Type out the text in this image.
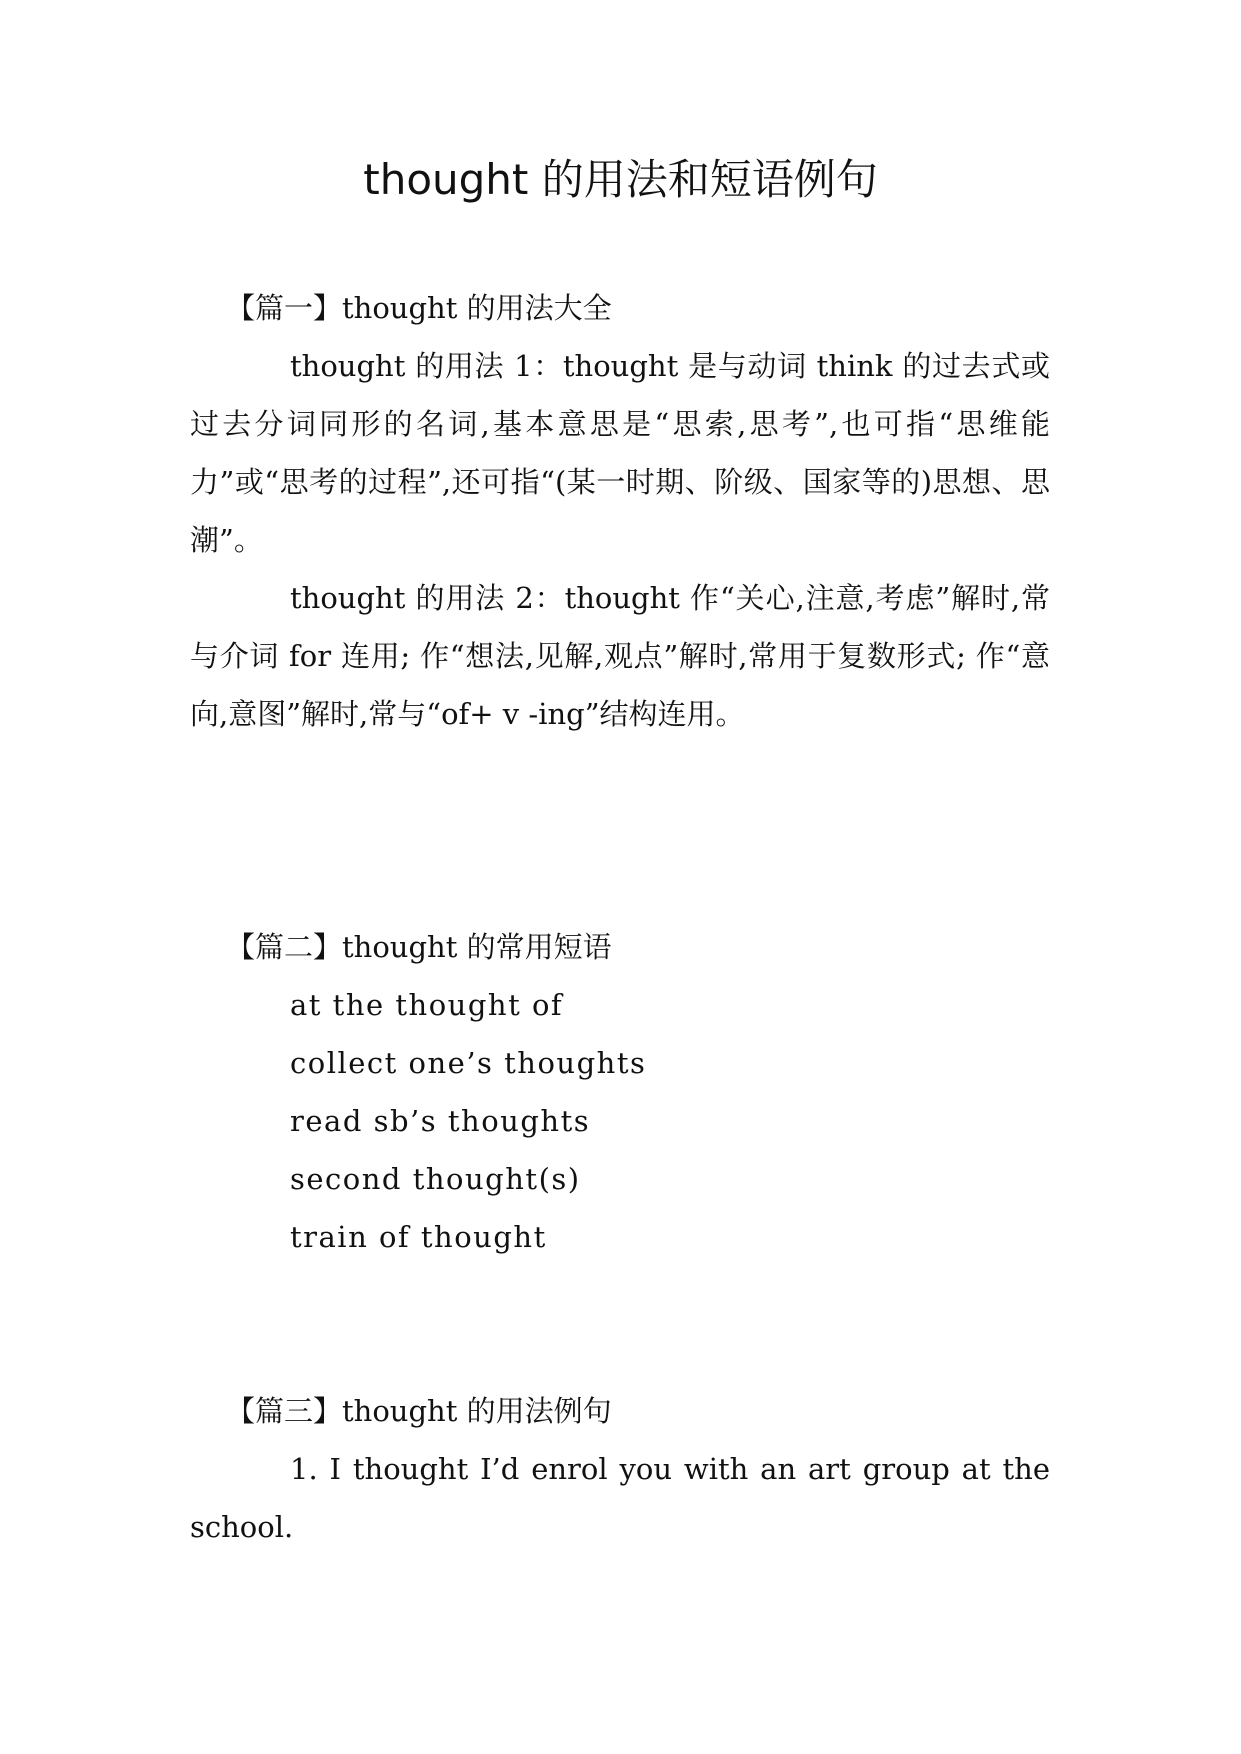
thought 的用法和短语例句
【篇一】thought 的用法大全

thought 的用法 1：thought 是与动词 think 的过去式或过去分词同形的名词,基本意思是“思索,思考”,也可指“思维能力”或“思考的过程”,还可指“(某一时期、阶级、国家等的)思想、思潮”。

thought 的用法 2：thought 作“关心,注意,考虑”解时,常与介词 for 连用; 作“想法,见解,观点”解时,常用于复数形式; 作“意向,意图”解时,常与“of+ v -ing”结构连用。

【篇二】thought 的常用短语
at the thought of
collect one’s thoughts
read sb’s thoughts
second thought(s)
train of thought
【篇三】thought 的用法例句

1. I thought I’d enrol you with an art group at the school.
